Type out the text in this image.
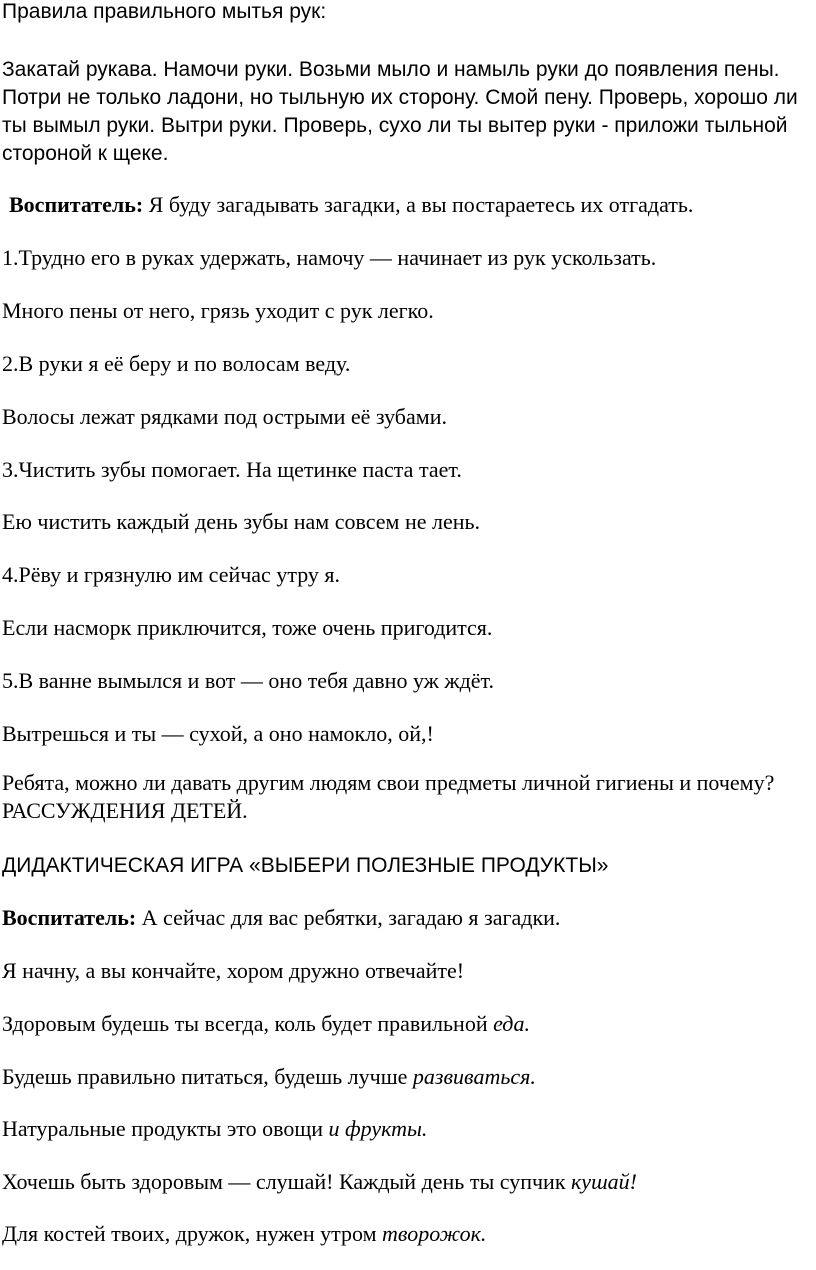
Правила правильного мытья рук:

Закатай рукава. Намочи руки. Возьми мыло и намыль руки до появления пены. Потри не только ладони, но тыльную их сторону. Смой пену. Проверь, хорошо ли ты вымыл руки. Вытри руки. Проверь, сухо ли ты вытер руки - приложи тыльной стороной к щеке.

Воспитатель: Я буду загадывать загадки, а вы постараетесь их отгадать.

1.Трудно его в руках удержать, намочу — начинает из рук ускользать.

Много пены от него, грязь уходит с рук легко.

2.В руки я её беру и по волосам веду.

Волосы лежат рядками под острыми её зубами.

3.Чистить зубы помогает. На щетинке паста тает.

Ею чистить каждый день зубы нам совсем не лень.

4.Рёву и грязнулю им сейчас утру я.

Если насморк приключится, тоже очень пригодится.

5.В ванне вымылся и вот — оно тебя давно уж ждёт.

Вытрешься и ты — сухой, а оно намокло, ой,!

Ребята, можно ли давать другим людям свои предметы личной гигиены и почему? РАССУЖДЕНИЯ ДЕТЕЙ.

ДИДАКТИЧЕСКАЯ ИГРА «ВЫБЕРИ ПОЛЕЗНЫЕ ПРОДУКТЫ»

Воспитатель: А сейчас для вас ребятки, загадаю я загадки.

Я начну, а вы кончайте, хором дружно отвечайте!

Здоровым будешь ты всегда, коль будет правильной еда.

Будешь правильно питаться, будешь лучше развиваться.

Натуральные продукты это овощи и фрукты.

Хочешь быть здоровым — слушай! Каждый день ты супчик кушай!

Для костей твоих, дружок, нужен утром творожок.
